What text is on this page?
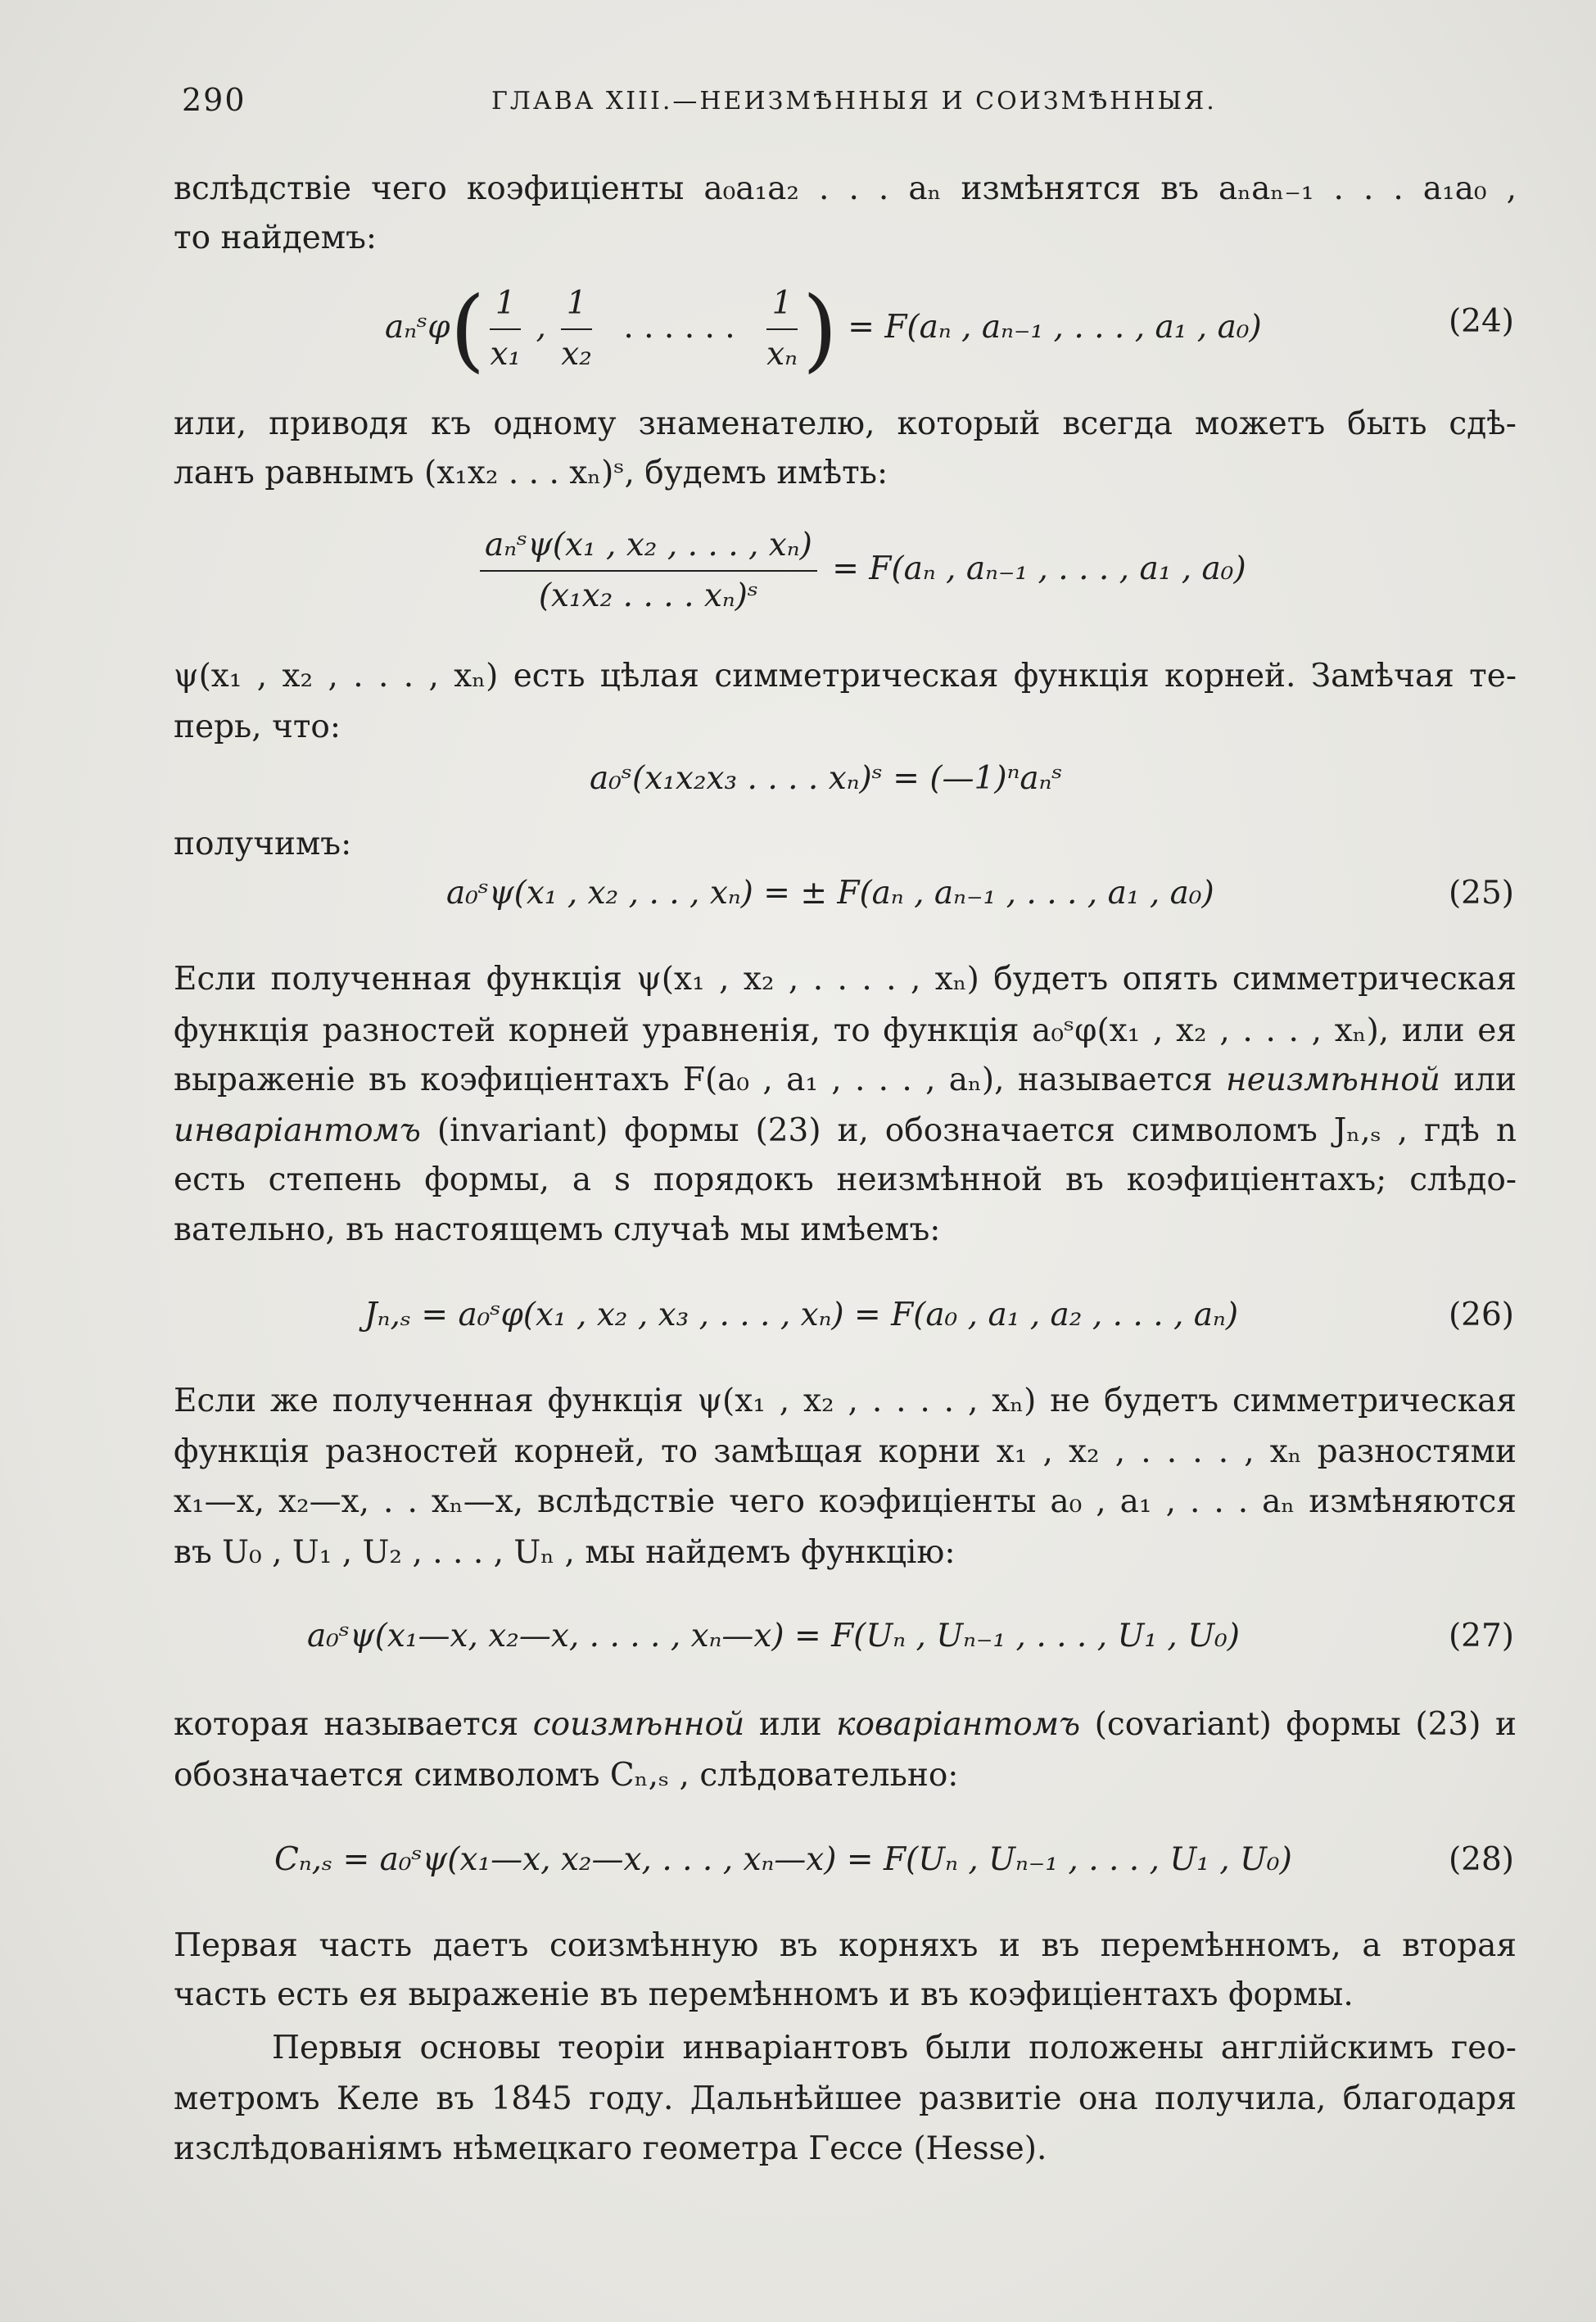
290	ГЛАВА XIII.—НЕИЗМѢННЫЯ И СОИЗМѢННЫЯ.
вслѣдствіе чего коэфиціенты a₀a₁a₂ . . . aₙ измѣнятся въ aₙaₙ₋₁ . . . a₁a₀ ,
то найдемъ:
aₙˢφ( $\frac{1}{\text{x₁}}$ , $\frac{1}{\text{x₂}}$ . . . . . . $\frac{1}{\text{xₙ}}$ ) = F(aₙ , aₙ₋₁ , . . . , a₁ , a₀)	(24)
или, приводя къ одному знаменателю, который всегда можетъ быть сдѣ-
ланъ равнымъ (x₁x₂ . . . xₙ)ˢ, будемъ имѣть:
$\frac{\text{aₙˢψ(x₁ , x₂ , . . . , xₙ)}}{\text{(x₁x₂ . . . . xₙ)ˢ}} = F(a_n$ , aₙ₋₁ , . . . , a₁ , a₀)
ψ(x₁ , x₂ , . . . , xₙ) есть цѣлая симметрическая функція корней. Замѣчая те-
перь, что:
a₀ˢ(x₁x₂x₃ . . . . xₙ)ˢ = (—1)ⁿaₙˢ
получимъ:
a₀ˢψ(x₁ , x₂ , . . , xₙ) = ± F(aₙ , aₙ₋₁ , . . . , a₁ , a₀)	(25)
Если полученная функція ψ(x₁ , x₂ , . . . . , xₙ) будетъ опять симметрическая
функція разностей корней уравненія, то функція a₀ˢφ(x₁ , x₂ , . . . , xₙ), или ея
выраженіе въ коэфиціентахъ F(a₀ , a₁ , . . . , aₙ), называется неизмѣнной или
инваріантомъ (invariant) формы (23) и, обозначается символомъ Jₙ,ₛ , гдѣ n
есть степень формы, а s порядокъ неизмѣнной въ коэфиціентахъ; слѣдо-
вательно, въ настоящемъ случаѣ мы имѣемъ:
Jₙ,ₛ = a₀ˢφ(x₁ , x₂ , x₃ , . . . , xₙ) = F(a₀ , a₁ , a₂ , . . . , aₙ)	(26)
Если же полученная функція ψ(x₁ , x₂ , . . . . , xₙ) не будетъ симметрическая
функція разностей корней, то замѣщая корни x₁ , x₂ , . . . . , xₙ разностями
x₁—x, x₂—x, . . xₙ—x, вслѣдствіе чего коэфиціенты a₀ , a₁ , . . . aₙ измѣняются
въ U₀ , U₁ , U₂ , . . . , Uₙ , мы найдемъ функцію:
a₀ˢψ(x₁—x, x₂—x, . . . . , xₙ—x) = F(Uₙ , Uₙ₋₁ , . . . , U₁ , U₀)	(27)
которая называется соизмѣнной или коваріантомъ (covariant) формы (23) и
обозначается символомъ Cₙ,ₛ , слѣдовательно:
Cₙ,ₛ = a₀ˢψ(x₁—x, x₂—x, . . . , xₙ—x) = F(Uₙ , Uₙ₋₁ , . . . , U₁ , U₀)	(28)
Первая часть даетъ соизмѣнную въ корняхъ и въ перемѣнномъ, а вторая
часть есть ея выраженіе въ перемѣнномъ и въ коэфиціентахъ формы.
Первыя основы теоріи инваріантовъ были положены англійскимъ гео-
метромъ Келе въ 1845 году. Дальнѣйшее развитіе она получила, благодаря
изслѣдованіямъ нѣмецкаго геометра Гессе (Hesse).
